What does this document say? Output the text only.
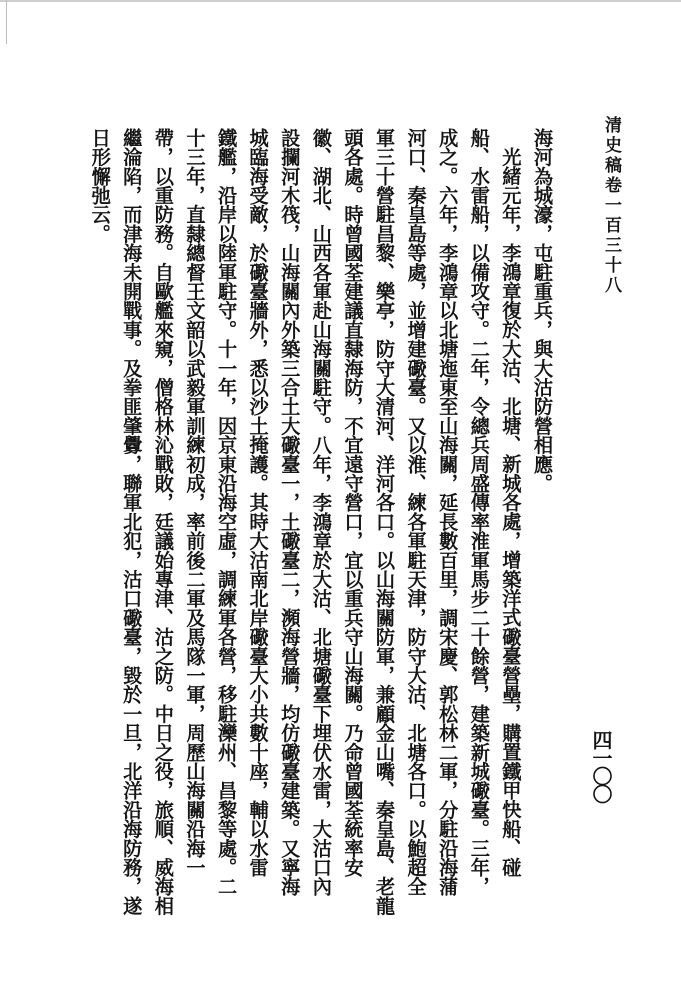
清史稿卷一百三十八
四一〇〇
海河為城濠，屯駐重兵，與大沽防營相應。
光緒元年，李鴻章復於大沽、北塘、新城各處，增築洋式礮臺營壘，購置鐵甲快船、碰
船、水雷船，以備攻守。二年，令總兵周盛傳率淮軍馬步二十餘營，建築新城礮臺。三年，
成之。六年，李鴻章以北塘迤東至山海關，延長數百里，調宋慶、郭松林二軍，分駐沿海蒲
河口、秦皇島等處，並增建礮臺。又以淮、練各軍駐天津，防守大沽、北塘各口。以鮑超全
軍三十營駐昌黎、樂亭，防守大清河、洋河各口。以山海關防軍，兼顧金山嘴、秦皇島、老龍
頭各處。時曾國荃建議直隸海防，不宜遠守營口，宜以重兵守山海關。乃命曾國荃統率安
徽、湖北、山西各軍赴山海關駐守。八年，李鴻章於大沽、北塘礮臺下埋伏水雷，大沽口內
設攔河木筏，山海關內外築三合土大礮臺一，土礮臺二，瀕海營牆，均仿礮臺建築。又寧海
城臨海受敵，於礮臺牆外，悉以沙土掩護。其時大沽南北岸礮臺大小共數十座，輔以水雷
鐵艦，沿岸以陸軍駐守。十一年，因京東沿海空虛，調練軍各營，移駐灤州、昌黎等處。二
十三年，直隸總督王文韶以武毅軍訓練初成，率前後二軍及馬隊一軍，周歷山海關沿海一
帶，以重防務。自歐艦來窺，僧格林沁戰敗，廷議始專津、沽之防。中日之役，旅順、威海相
繼淪陷，而津海未開戰事。及拳匪肇釁，聯軍北犯，沽口礮臺，毀於一旦，北洋沿海防務，遂
日形懈弛云。
